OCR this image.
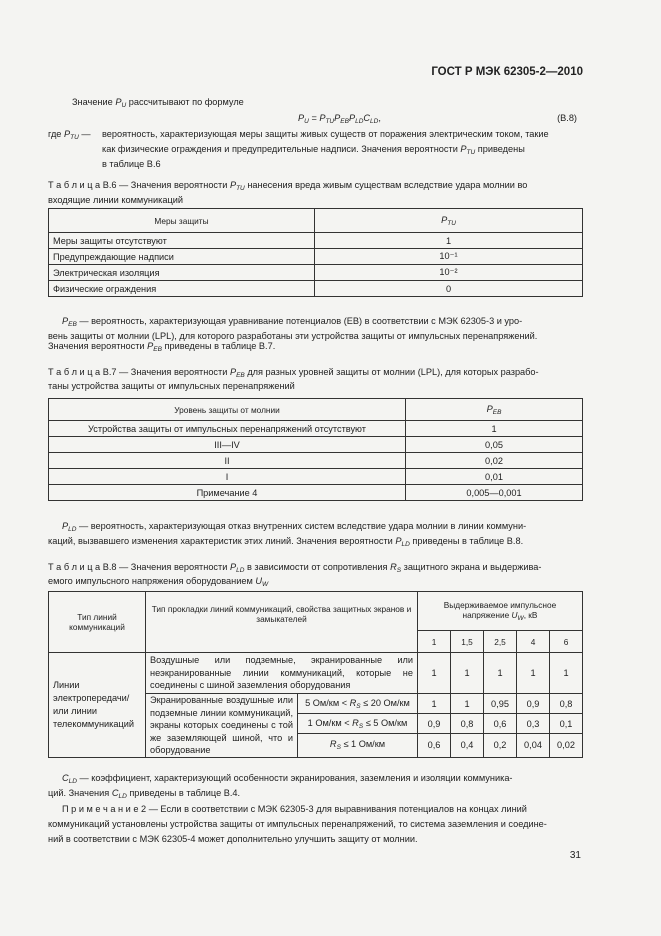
ГОСТ Р МЭК 62305-2—2010

Значение $P_U$ рассчитывают по формуле

$P_U = P_{TU}P_{EB}P_{LD}C_{LD}$,	(B.8)

где $P_{TU}$ — вероятность, характеризующая меры защиты живых существ от поражения электрическим током, такие

как физические ограждения и предупредительные надписи. Значения вероятности $P_{TU}$ приведены

в таблице B.6

Т а б л и ц а B.6 — Значения вероятности $P_{TU}$ нанесения вреда живым существам вследствие удара молнии во

входящие линии коммуникаций

Меры защиты	$P_{TU}$
Меры защиты отсутствуют	1
Предупреждающие надписи	10⁻¹
Электрическая изоляция	10⁻²
Физические ограждения	0

$P_{EB}$ — вероятность, характеризующая уравнивание потенциалов (ЕВ) в соответствии с МЭК 62305-3 и уро-

вень защиты от молнии (LPL), для которого разработаны эти устройства защиты от импульсных перенапряжений.

Значения вероятности $P_{EB}$ приведены в таблице B.7.

Т а б л и ц а B.7 — Значения вероятности $P_{EB}$ для разных уровней защиты от молнии (LPL), для которых разрабо-

таны устройства защиты от импульсных перенапряжений

Уровень защиты от молнии	$P_{EB}$
Устройства защиты от импульсных перенапряжений отсутствуют	1
III—IV	0,05
II	0,02
I	0,01
Примечание 4	0,005—0,001

$P_{LD}$ — вероятность, характеризующая отказ внутренних систем вследствие удара молнии в линии коммуни-

каций, вызвавшего изменения характеристик этих линий. Значения вероятности $P_{LD}$ приведены в таблице B.8.

Т а б л и ц а B.8 — Значения вероятности $P_{LD}$ в зависимости от сопротивления $R_S$ защитного экрана и выдержива-

емого импульсного напряжения оборудованием $U_W$

Тип линий коммуникаций	Тип прокладки линий коммуникаций, свойства защитных экранов и замыкателей		Выдерживаемое импульсное
напряжение $U_W$, кВ				
			1	1,5	2,5	4	6
Линии электропередачи/или линии телекоммуникаций	Воздушные или подземные, экранированные или неэкранированные линии коммуникаций, которые не соединены с шиной заземления оборудования		1	1	1	1	1
	Экранированные воздушные или подземные линии коммуникаций, экраны которых соединены с той же заземляющей шиной, что и оборудование	5 $Ом/км < R_S \le 20$ Ом/км	1	1	0,95	0,9	0,8
		1 $Ом/км < R_S \le 5$ Ом/км	0,9	0,8	0,6	0,3	0,1
		$R_S \le 1$ Ом/км	0,6	0,4	0,2	0,04	0,02

$C_{LD}$ — коэффициент, характеризующий особенности экранирования, заземления и изоляции коммуника-

ций. Значения $C_{LD}$ приведены в таблице B.4.

П р и м е ч а н и е 2 — Если в соответствии с МЭК 62305-3 для выравнивания потенциалов на концах линий

коммуникаций установлены устройства защиты от импульсных перенапряжений, то система заземления и соедине-

ний в соответствии с МЭК 62305-4 может дополнительно улучшить защиту от молнии.

31
